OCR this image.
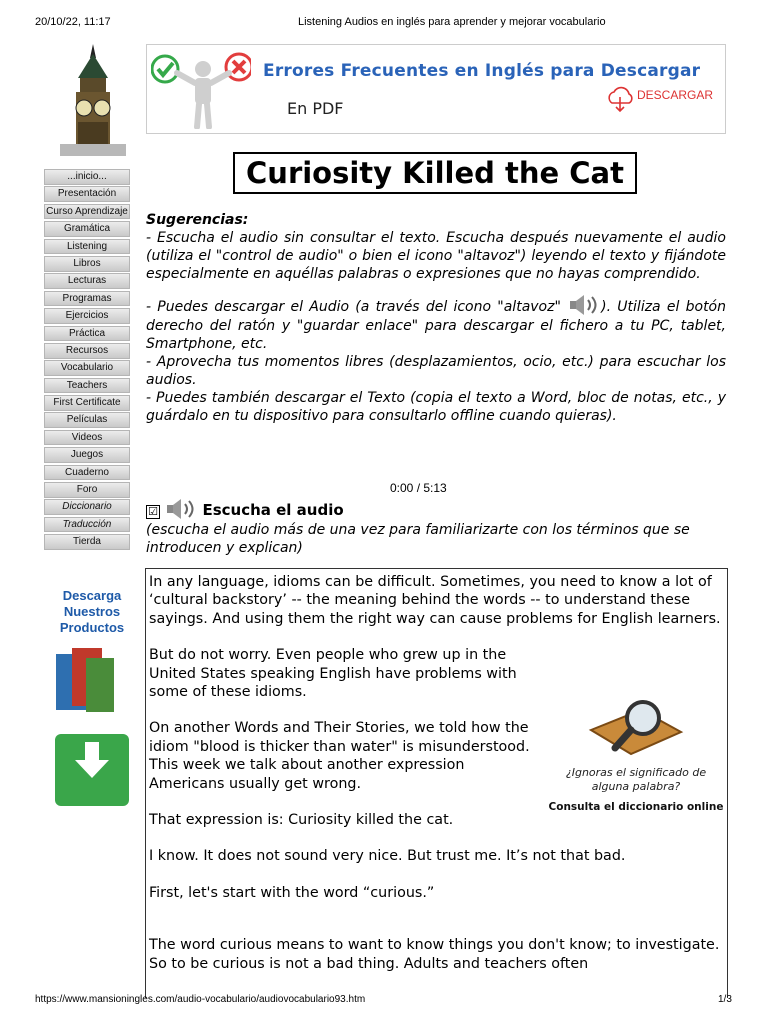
20/10/22, 11:17	Listening Audios en inglés para aprender y mejorar vocabulario
Errores Frecuentes en Inglés para Descargar
En PDF
DESCARGAR
...inicio...
Presentación
Curso Aprendizaje
Gramática
Listening
Libros
Lecturas
Programas
Ejercicios
Práctica
Recursos
Vocabulario
Teachers
First Certificate
Películas
Videos
Juegos
Cuaderno
Foro
Diccionario
Traducción
Tierda
Curiosity Killed the Cat

Sugerencias:

- Escucha el audio sin consultar el texto. Escucha después nuevamente el audio (utiliza el "control de audio" o bien el icono "altavoz") leyendo el texto y fijándote especialmente en aquéllas palabras o expresiones que no hayas comprendido.

- Puedes descargar el Audio (a través del icono "altavoz" ). Utiliza el botón derecho del ratón y "guardar enlace" para descargar el fichero a tu PC, tablet, Smartphone, etc.

- Aprovecha tus momentos libres (desplazamientos, ocio, etc.) para escuchar los audios.

- Puedes también descargar el Texto (copia el texto a Word, bloc de notas, etc., y guárdalo en tu dispositivo para consultarlo offline cuando quieras).

0:00 / 5:13
☑	Escucha el audio
(escucha el audio más de una vez para familiarizarte con los términos que se introducen y explican)
Descarga Nuestros Productos
DOWNLOAD

In any language, idioms can be difficult. Sometimes, you need to know a lot of ‘cultural backstory’ -- the meaning behind the words -- to understand these sayings. And using them the right way can cause problems for English learners.

¿Ignoras el significado de alguna palabra?
Consulta el diccionario online

But do not worry. Even people who grew up in the United States speaking English have problems with some of these idioms.

On another Words and Their Stories, we told how the idiom "blood is thicker than water" is misunderstood. This week we talk about another expression Americans usually get wrong.

That expression is: Curiosity killed the cat.

I know. It does not sound very nice. But trust me. It’s not that bad.

First, let's start with the word “curious.”

The word curious means to want to know things you don't know; to investigate. So to be curious is not a bad thing. Adults and teachers often

https://www.mansioningles.com/audio-vocabulario/audiovocabulario93.htm	1/3
